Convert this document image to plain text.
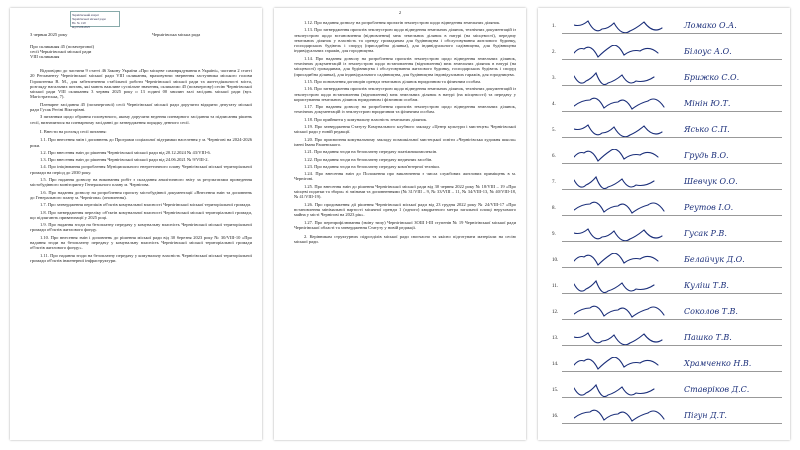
Чернігівський апарат
Чернігівської міської ради
Вх. № 1/20
від 03.06.2025
3 червня 2025 року	Чернігівська міська рада
Про скликання 45 (позачергової)
сесії Чернігівської міської ради
VIII скликання

Відповідно до частини 9 статті 46 Закону України «Про місцеве самоврядування в Україні», частини 2 статті 20 Регламенту Чернігівської міської ради VIII скликання, враховуючи звернення заступника міського голови Гороштенка В. М., для забезпечення стабільної роботи Чернігівської міської ради та життєдіяльності міста, розгляду нагальних питань, які мають важливе суспільне значення, скликаємо 45 (позачергову) сесію Чернігівської міської ради VIII скликання 3 червня 2025 року о 13 годині 00 хвилин залі засідань міської ради (вул. Магістратська, 7).

Пленарне засідання 45 (позачергової) сесії Чернігівської міської ради доручити відкрити депутату міської ради Гусак Регіні Вікторівні.

З питанням щодо обрання головуючого, якому доручити ведення пленарного засідання та підписання рішень сесії, визначитися на пленарному засіданні до затвердження порядку денного сесії.

I. Внести на розгляд сесії питання:

1.1. Про внесення змін і доповнень до Програми соціальної підтримки населення у м. Чернігові на 2024-2026 роки.

1.2. Про внесення змін до рішення Чернігівської міської ради від 20.12.2024 № 43/VIII-6.

1.3. Про внесення змін до рішення Чернігівської міської ради від 24.06.2021 № 9/VIII-2.

1.4. Про ініціювання розроблення Муніципального енергетичного плану Чернігівської міської територіальної громади на період до 2030 року.

1.5. Про надання дозволу на виконання робіт з складання аналітичного звіту за результатами проведення містобудівного моніторингу Генерального плану м. Чернігова.

1.6. Про надання дозволу на розроблення проєкту містобудівної документації «Внесення змін та доповнень до Генерального плану м. Чернігова» (оновлення).

1.7. Про затвердження переліків об'єктів комунальної власності Чернігівської міської територіальної громади.

1.8. Про затвердження переліку об'єктів комунальної власності Чернігівської міської територіальної громади, що підлягають приватизації у 2025 році.

1.9. Про надання згоди на безоплатну передачу у комунальну власність Чернігівської міської територіальної громади об'єктів житлового фонду.

1.10. Про внесення змін і доповнень до рішення міської ради від 30 березня 2023 року № 30/VIII-10 «Про надання згоди на безоплатну передачу у комунальну власність Чернігівської міської територіальної громади об'єктів житлового фонду».

1.11. Про надання згоди на безоплатну передачу у комунальну власність Чернігівської міської територіальної громади об'єктів інженерної інфраструктури.

2

1.12. Про надання дозволу на розроблення проєктів землеустрою щодо відведення земельних ділянок.

1.13. Про затвердження проєктів землеустрою щодо відведення земельних ділянок, технічних документацій із землеустрою щодо встановлення (відновлення) меж земельних ділянок в натурі (на місцевості), передачу земельних ділянок у власність та оренду громадянам для будівництва і обслуговування житлового будинку, господарських будівель і споруд (присадибна ділянка), для індивідуального садівництва, для будівництва індивідуальних гаражів, для городництва.

1.14. Про надання дозволу на розроблення проєктів землеустрою щодо відведення земельних ділянок, технічних документацій із землеустрою щодо встановлення (відновлення) меж земельних ділянок в натурі (на місцевості) громадянам, для будівництва і обслуговування житлового будинку, господарських будівель і споруд (присадибна ділянка), для індивідуального садівництва, для будівництва індивідуальних гаражів, для городництва.

1.15. Про поновлення договорів оренди земельних ділянок юридичним та фізичним особам.

1.16. Про затвердження проєктів землеустрою щодо відведення земельних ділянок, технічних документацій із землеустрою щодо встановлення (відновлення) меж земельних ділянок в натурі (на місцевості) та передачу у користування земельних ділянок юридичним і фізичним особам.

1.17. Про надання дозволу на розроблення проєктів землеустрою щодо відведення земельних ділянок, технічних документацій із землеустрою юридичним та фізичним особам.

1.18. Про прийняття у комунальну власність земельних ділянок.

1.19. Про затвердження Статуту Комунального клубного закладу «Центр культури і мистецтв» Чернігівської міської ради у новій редакції.

1.20. Про присвоєння комунальному закладу позашкільної мистецької освіти «Чернігівська художня школа» імені Івана Рашевського.

1.21. Про надання згоди на безоплатну передачу платіжнокомплексів.

1.22. Про надання згоди на безоплатну передачу медичних засобів.

1.23. Про надання згоди на безоплатну передачу комп'ютерної техніки.

1.24. Про внесення змін до Положення про виключення з числа службових житлових приміщень в м. Чернігові.

1.25. Про внесення змін до рішення Чернігівської міської ради від 30 червня 2022 року № 18/VIII – 19 «Про місцеві податки та збори» зі змінами та доповненнями (№ 31/VIII – 9, № 33/VIII – 11, № 34/VIII-13, № 40/VIII-18, № 41/VIII-19).

1.26. Про продовження дії рішення Чернігівської міської ради від 23 грудня 2022 року № 24/VIII-17 «Про встановлення мінімальної вартості місячної оренди 1 (одного) квадратного метра загальної площі нерухомого майна у місті Чернігові на 2023 рік».

1.27. Про перепрофілювання (зміну типу) Чернігівської ЗОШ І-ІІІ ступенів № 19 Чернігівської міської ради Чернігівської області та затвердження Статуту у новій редакції.

2. Керівникам структурних підрозділів міської ради своєчасно та якісно підготувати матеріали на сесію міської ради.

1.	Ломако О.А.
2.	Білоус А.О.
3.	Брижко С.О.
4.	Мінін Ю.Т.
5.	Ясько С.П.
6.	Грудь В.О.
7.	Шевчук О.О.
8.	Реутов І.О.
9.	Гусак Р.В.
10.	Белайчук Д.О.
11.	Куліш Т.В.
12.	Соколов Т.В.
13.	Пашко Т.В.
14.	Храмченко Н.В.
15.	Ставріков Д.С.
16.	Пігун Д.Т.
